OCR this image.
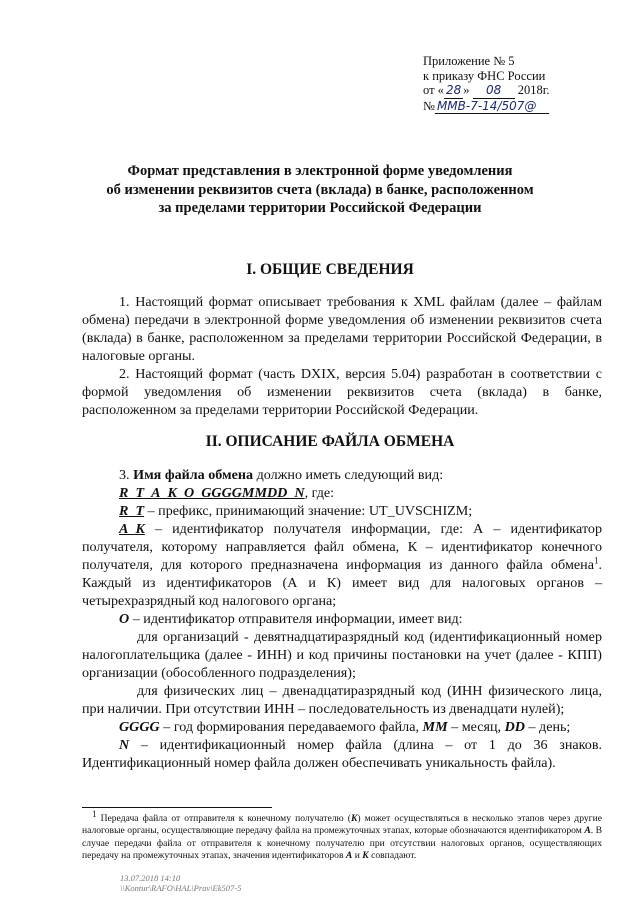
Приложение № 5
к приказу ФНС России
от « 28 » 08 2018г.
№ ММВ-7-14/507@
Формат представления в электронной форме уведомления
об изменении реквизитов счета (вклада) в банке, расположенном
за пределами территории Российской Федерации
I. ОБЩИЕ СВЕДЕНИЯ

1. Настоящий формат описывает требования к XML файлам (далее – файлам обмена) передачи в электронной форме уведомления об изменении реквизитов счета (вклада) в банке, расположенном за пределами территории Российской Федерации, в налоговые органы.

2. Настоящий формат (часть DXIX, версия 5.04) разработан в соответствии с формой уведомления об изменении реквизитов счета (вклада) в банке, расположенном за пределами территории Российской Федерации.

II. ОПИСАНИЕ ФАЙЛА ОБМЕНА

3. Имя файла обмена должно иметь следующий вид:

R_T_A_K_O_GGGGMMDD_N, где:

R_T – префикс, принимающий значение: UT_UVSCHIZM;

A_K – идентификатор получателя информации, где: А – идентификатор получателя, которому направляется файл обмена, К – идентификатор конечного получателя, для которого предназначена информация из данного файла обмена$^1$. Каждый из идентификаторов (А и К) имеет вид для налоговых органов – четырехразрядный код налогового органа;

O – идентификатор отправителя информации, имеет вид:

для организаций - девятнадцатиразрядный код (идентификационный номер налогоплательщика (далее - ИНН) и код причины постановки на учет (далее - КПП) организации (обособленного подразделения);

для физических лиц – двенадцатиразрядный код (ИНН физического лица, при наличии. При отсутствии ИНН – последовательность из двенадцати нулей);

GGGG – год формирования передаваемого файла, MM – месяц, DD – день;

N – идентификационный номер файла (длина – от 1 до 36 знаков. Идентификационный номер файла должен обеспечивать уникальность файла).

$^1$ Передача файла от отправителя к конечному получателю (K) может осуществляться в несколько этапов через другие налоговые органы, осуществляющие передачу файла на промежуточных этапах, которые обозначаются идентификатором A. В случае передачи файла от отправителя к конечному получателю при отсутствии налоговых органов, осуществляющих передачу на промежуточных этапах, значения идентификаторов A и K совпадают.

13.07.2018 14:10
\\Kontur\RAFO\HAL\Prav\Ek507-5
